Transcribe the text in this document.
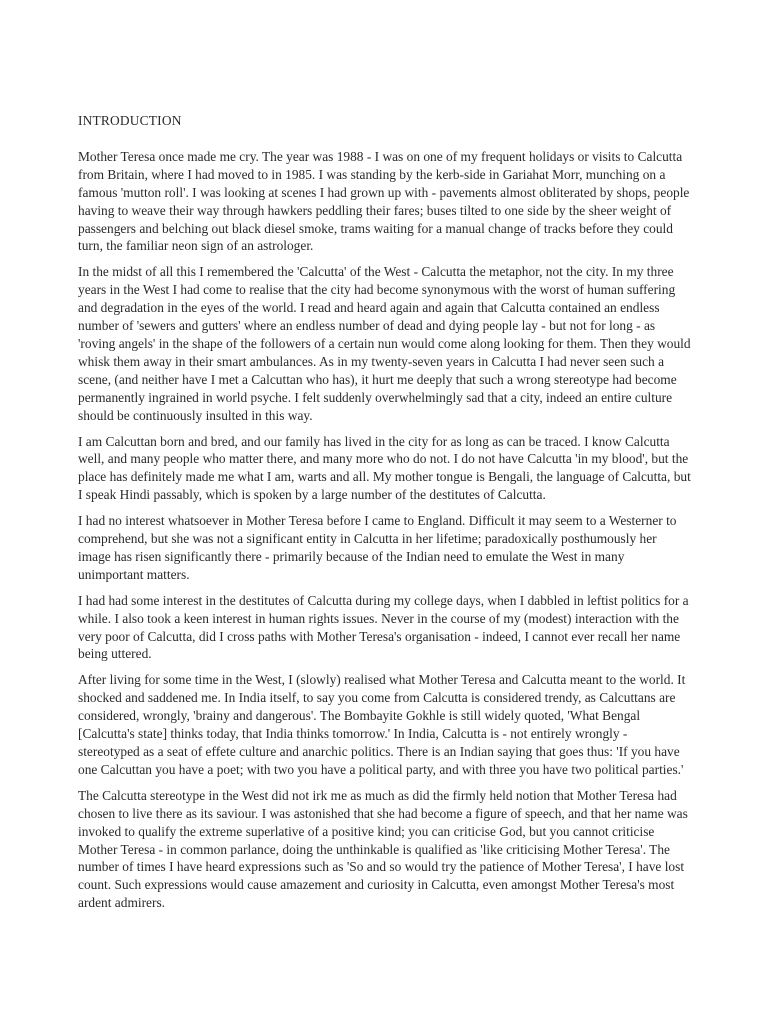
INTRODUCTION

Mother Teresa once made me cry. The year was 1988 - I was on one of my frequent holidays or visits to Calcutta from Britain, where I had moved to in 1985. I was standing by the kerb-side in Gariahat Morr, munching on a famous 'mutton roll'. I was looking at scenes I had grown up with - pavements almost obliterated by shops, people having to weave their way through hawkers peddling their fares; buses tilted to one side by the sheer weight of passengers and belching out black diesel smoke, trams waiting for a manual change of tracks before they could turn, the familiar neon sign of an astrologer.

In the midst of all this I remembered the 'Calcutta' of the West - Calcutta the metaphor, not the city. In my three years in the West I had come to realise that the city had become synonymous with the worst of human suffering and degradation in the eyes of the world. I read and heard again and again that Calcutta contained an endless number of 'sewers and gutters' where an endless number of dead and dying people lay - but not for long - as 'roving angels' in the shape of the followers of a certain nun would come along looking for them. Then they would whisk them away in their smart ambulances. As in my twenty-seven years in Calcutta I had never seen such a scene, (and neither have I met a Calcuttan who has), it hurt me deeply that such a wrong stereotype had become permanently ingrained in world psyche. I felt suddenly overwhelmingly sad that a city, indeed an entire culture should be continuously insulted in this way.

I am Calcuttan born and bred, and our family has lived in the city for as long as can be traced. I know Calcutta well, and many people who matter there, and many more who do not. I do not have Calcutta 'in my blood', but the place has definitely made me what I am, warts and all. My mother tongue is Bengali, the language of Calcutta, but I speak Hindi passably, which is spoken by a large number of the destitutes of Calcutta.

I had no interest whatsoever in Mother Teresa before I came to England. Difficult it may seem to a Westerner to comprehend, but she was not a significant entity in Calcutta in her lifetime; paradoxically posthumously her image has risen significantly there - primarily because of the Indian need to emulate the West in many unimportant matters.

I had had some interest in the destitutes of Calcutta during my college days, when I dabbled in leftist politics for a while. I also took a keen interest in human rights issues. Never in the course of my (modest) interaction with the very poor of Calcutta, did I cross paths with Mother Teresa's organisation - indeed, I cannot ever recall her name being uttered.

After living for some time in the West, I (slowly) realised what Mother Teresa and Calcutta meant to the world. It shocked and saddened me. In India itself, to say you come from Calcutta is considered trendy, as Calcuttans are considered, wrongly, 'brainy and dangerous'. The Bombayite Gokhle is still widely quoted, 'What Bengal [Calcutta's state] thinks today, that India thinks tomorrow.' In India, Calcutta is - not entirely wrongly - stereotyped as a seat of effete culture and anarchic politics. There is an Indian saying that goes thus: 'If you have one Calcuttan you have a poet; with two you have a political party, and with three you have two political parties.'

The Calcutta stereotype in the West did not irk me as much as did the firmly held notion that Mother Teresa had chosen to live there as its saviour. I was astonished that she had become a figure of speech, and that her name was invoked to qualify the extreme superlative of a positive kind; you can criticise God, but you cannot criticise Mother Teresa - in common parlance, doing the unthinkable is qualified as 'like criticising Mother Teresa'. The number of times I have heard expressions such as 'So and so would try the patience of Mother Teresa', I have lost count. Such expressions would cause amazement and curiosity in Calcutta, even amongst Mother Teresa's most ardent admirers.
